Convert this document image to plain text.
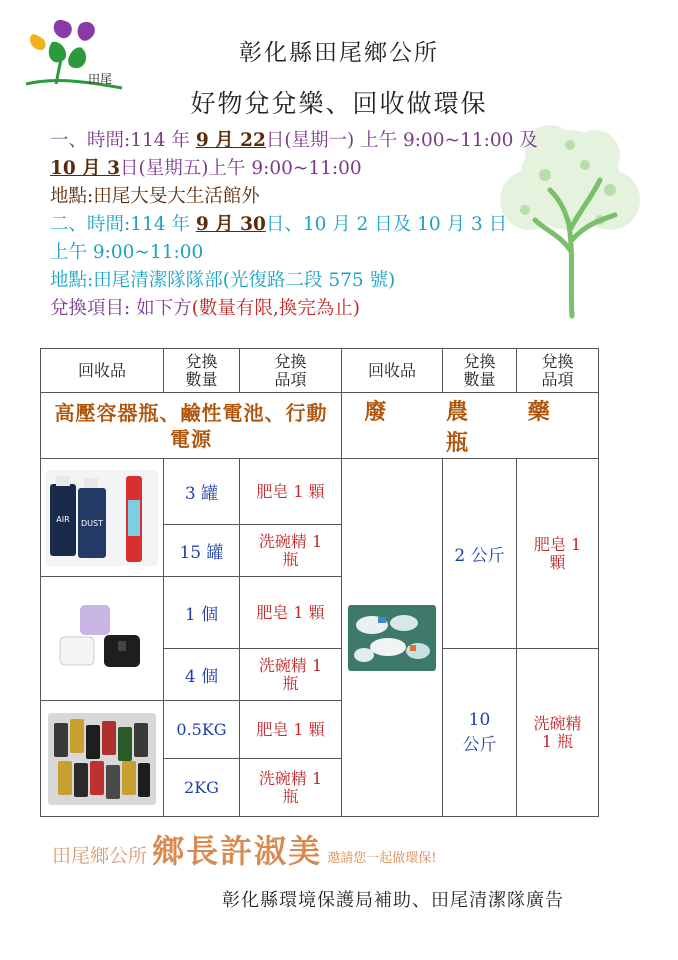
田尾
彰化縣田尾鄉公所
好物兌兌樂、回收做環保
一、時間:114 年 9 月 22日(星期一) 上午 9:00~11:00 及
10 月 3日(星期五)上午 9:00~11:00
地點:田尾大旻大生活館外
二、時間:114 年 9 月 30日、10 月 2 日及 10 月 3 日
上午 9:00~11:00
地點:田尾清潔隊隊部(光復路二段 575 號)
兌換項目: 如下方(數量有限,換完為止)
回收品	兌換數量	兌換品項	回收品	兌換數量	兌換品項

高壓容器瓶、鹼性電池、行動電源			廢 農 藥 瓶		

AIR DUST	3 罐	肥皂 1 顆		2 公斤	肥皂 1 顆

	15 罐	洗碗精 1 瓶			

	1 個	肥皂 1 顆			
	4 個	洗碗精 1 瓶		10 公斤	洗碗精 1 瓶

	0.5KG	肥皂 1 顆			
	2KG	洗碗精 1 瓶			
田尾鄉公所 鄉長許淑美 邀請您一起做環保!
彰化縣環境保護局補助、田尾清潔隊廣告
